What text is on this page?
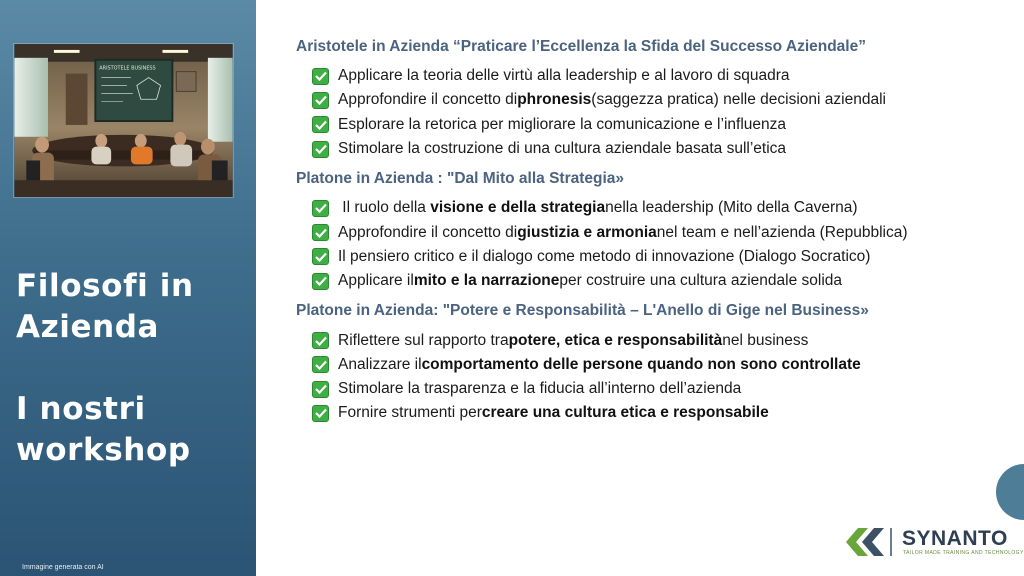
ARISTOTELE BUSINESS
Filosofi in
Azienda
I nostri
workshop
Immagine generata con AI
Aristotele in Azienda “Praticare l’Eccellenza la Sfida del Successo Aziendale”
Applicare la teoria delle virtù alla leadership e al lavoro di squadra
Approfondire il concetto di phronesis (saggezza pratica) nelle decisioni aziendali
Esplorare la retorica per migliorare la comunicazione e l’influenza
Stimolare la costruzione di una cultura aziendale basata sull’etica
Platone in Azienda : "Dal Mito alla Strategia»
Il ruolo della visione e della strategia nella leadership (Mito della Caverna)
Approfondire il concetto di giustizia e armonia nel team e nell’azienda (Repubblica)
Il pensiero critico e il dialogo come metodo di innovazione (Dialogo Socratico)
Applicare il mito e la narrazione per costruire una cultura aziendale solida
Platone in Azienda: "Potere e Responsabilità – L'Anello di Gige nel Business»
Riflettere sul rapporto tra potere, etica e responsabilità nel business
Analizzare il comportamento delle persone quando non sono controllate
Stimolare la trasparenza e la fiducia all’interno dell’azienda
Fornire strumenti per creare una cultura etica e responsabile
SYNANTO
TAILOR MADE TRAINING AND TECHNOLOGY
